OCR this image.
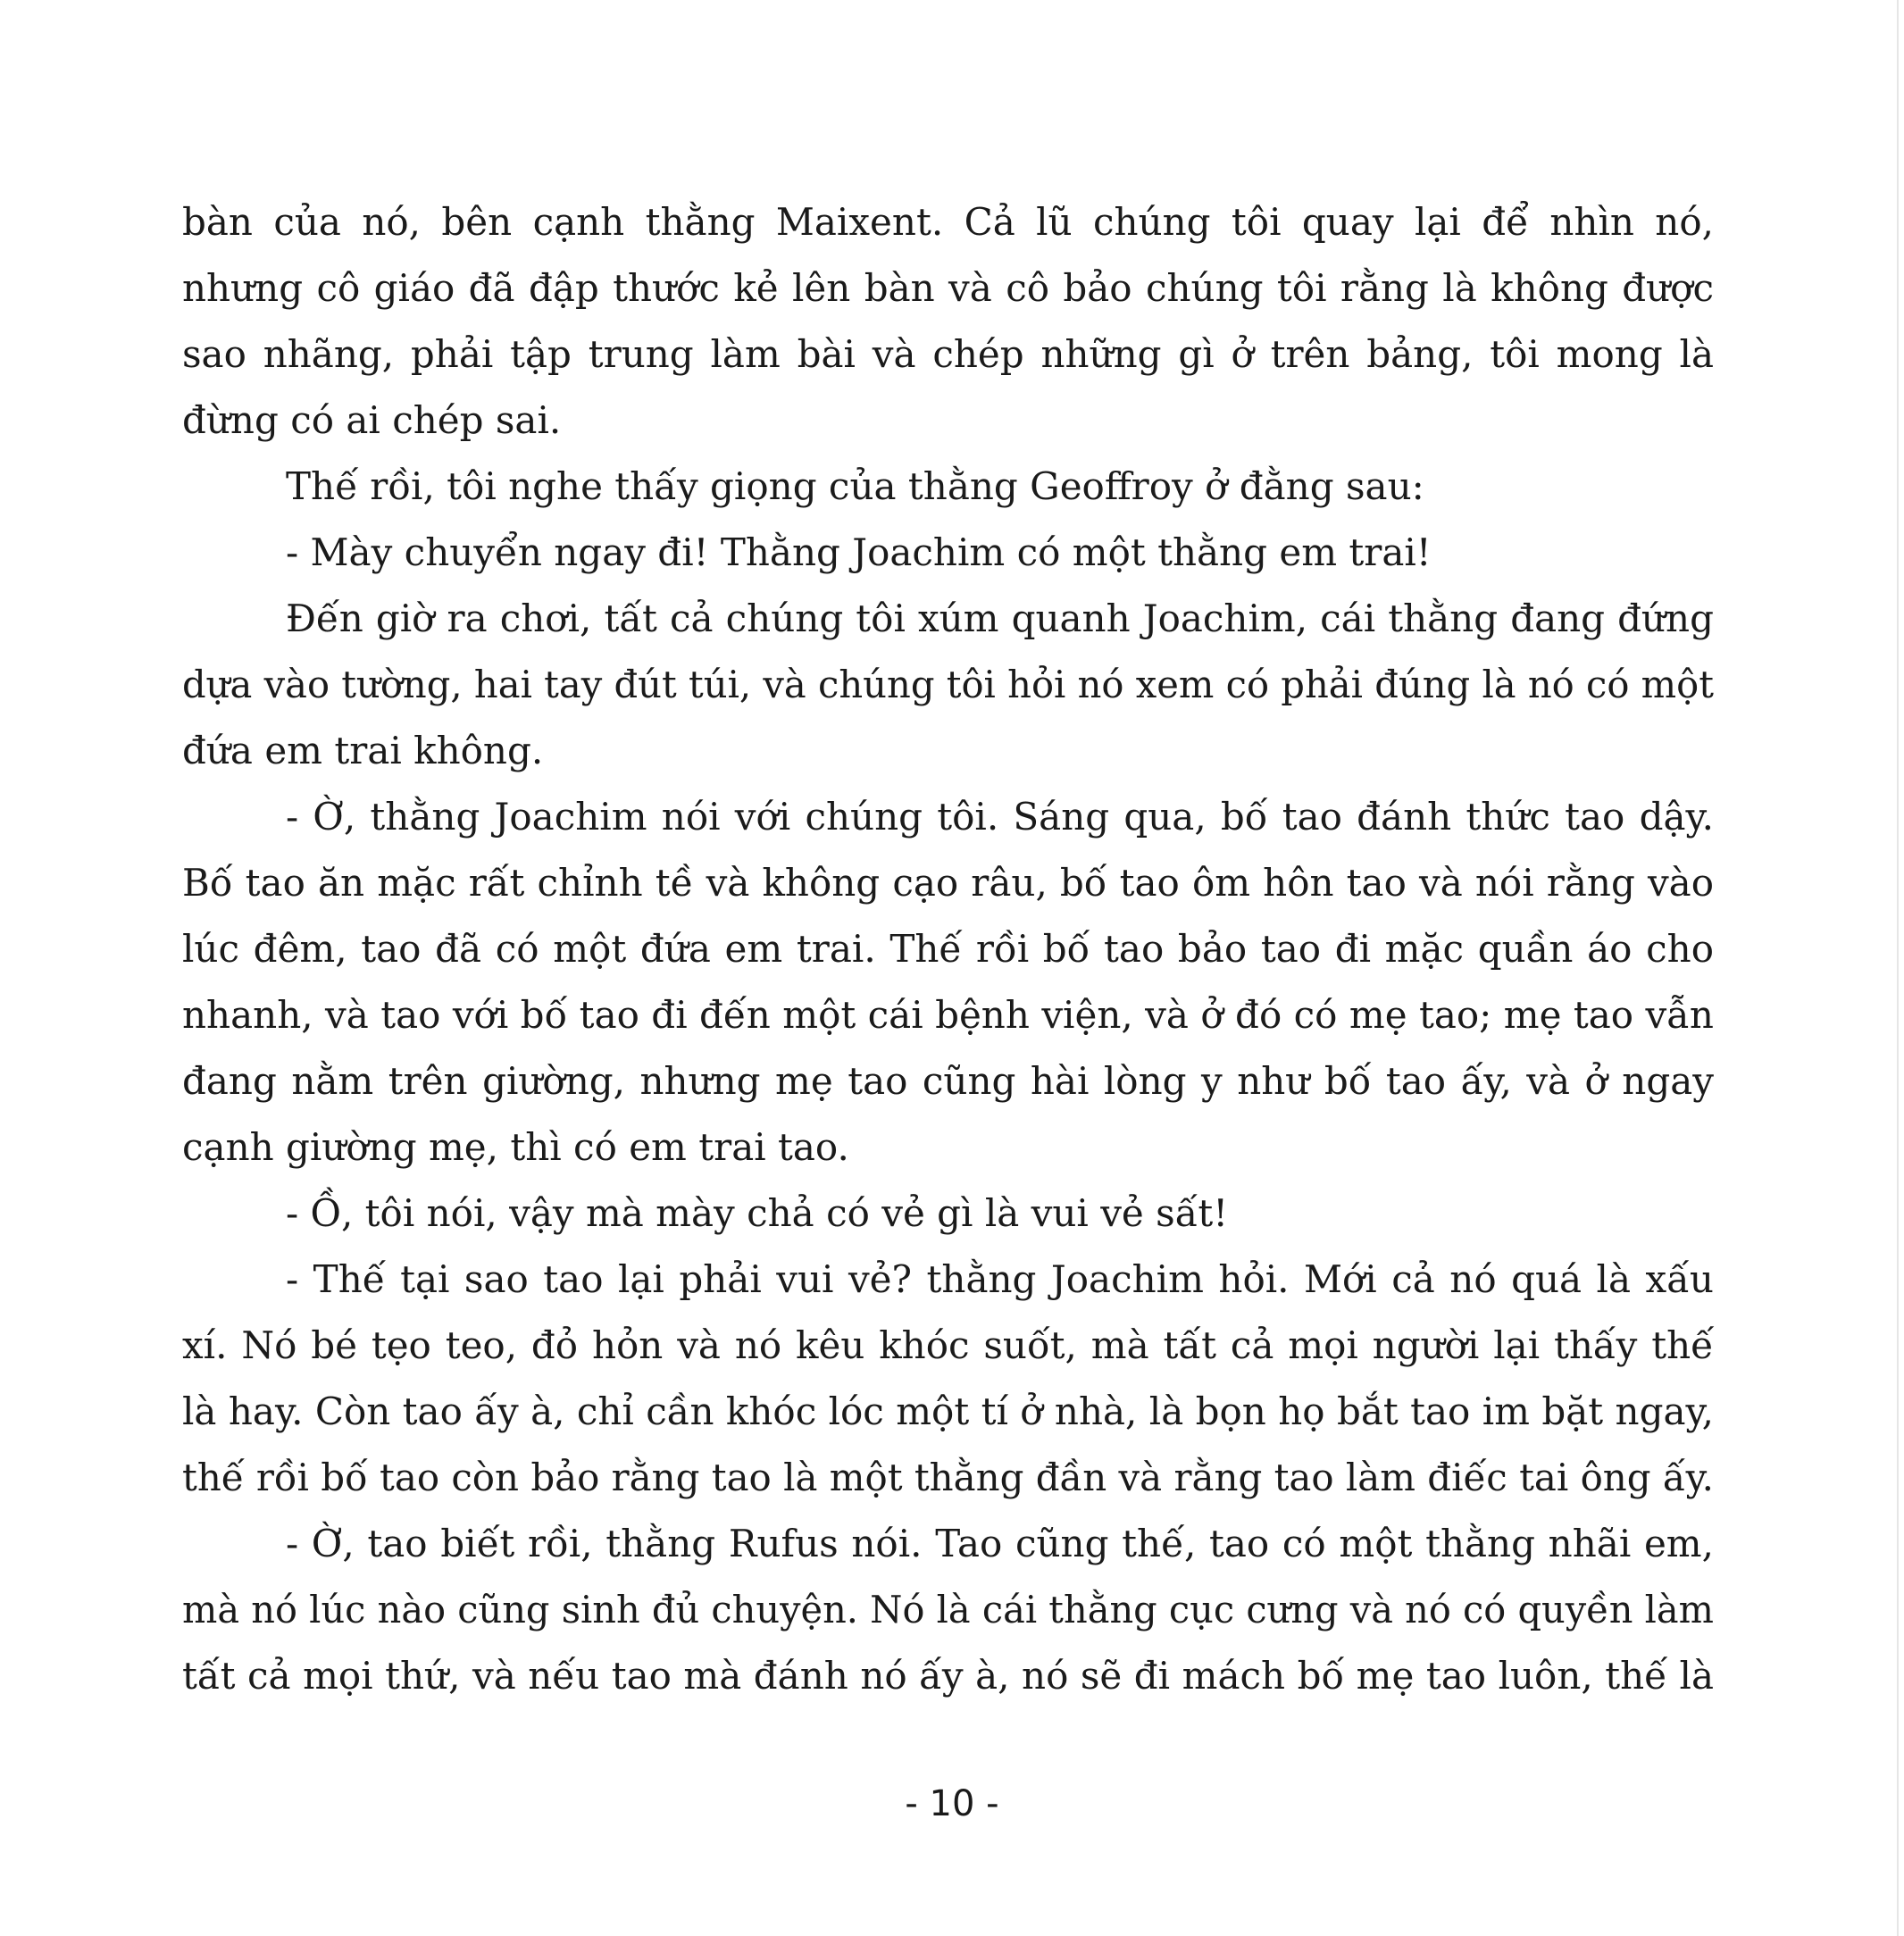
bàn của nó, bên cạnh thằng Maixent. Cả lũ chúng tôi quay lại để nhìn nó,
nhưng cô giáo đã đập thước kẻ lên bàn và cô bảo chúng tôi rằng là không được
sao nhãng, phải tập trung làm bài và chép những gì ở trên bảng, tôi mong là
đừng có ai chép sai.
Thế rồi, tôi nghe thấy giọng của thằng Geoffroy ở đằng sau:
- Mày chuyển ngay đi! Thằng Joachim có một thằng em trai!
Đến giờ ra chơi, tất cả chúng tôi xúm quanh Joachim, cái thằng đang đứng
dựa vào tường, hai tay đút túi, và chúng tôi hỏi nó xem có phải đúng là nó có một
đứa em trai không.
- Ờ, thằng Joachim nói với chúng tôi. Sáng qua, bố tao đánh thức tao dậy.
Bố tao ăn mặc rất chỉnh tề và không cạo râu, bố tao ôm hôn tao và nói rằng vào
lúc đêm, tao đã có một đứa em trai. Thế rồi bố tao bảo tao đi mặc quần áo cho
nhanh, và tao với bố tao đi đến một cái bệnh viện, và ở đó có mẹ tao; mẹ tao vẫn
đang nằm trên giường, nhưng mẹ tao cũng hài lòng y như bố tao ấy, và ở ngay
cạnh giường mẹ, thì có em trai tao.
- Ồ, tôi nói, vậy mà mày chả có vẻ gì là vui vẻ sất!
- Thế tại sao tao lại phải vui vẻ? thằng Joachim hỏi. Mới cả nó quá là xấu
xí. Nó bé tẹo teo, đỏ hỏn và nó kêu khóc suốt, mà tất cả mọi người lại thấy thế
là hay. Còn tao ấy à, chỉ cần khóc lóc một tí ở nhà, là bọn họ bắt tao im bặt ngay,
thế rồi bố tao còn bảo rằng tao là một thằng đần và rằng tao làm điếc tai ông ấy.
- Ờ, tao biết rồi, thằng Rufus nói. Tao cũng thế, tao có một thằng nhãi em,
mà nó lúc nào cũng sinh đủ chuyện. Nó là cái thằng cục cưng và nó có quyền làm
tất cả mọi thứ, và nếu tao mà đánh nó ấy à, nó sẽ đi mách bố mẹ tao luôn, thế là
- 10 -
